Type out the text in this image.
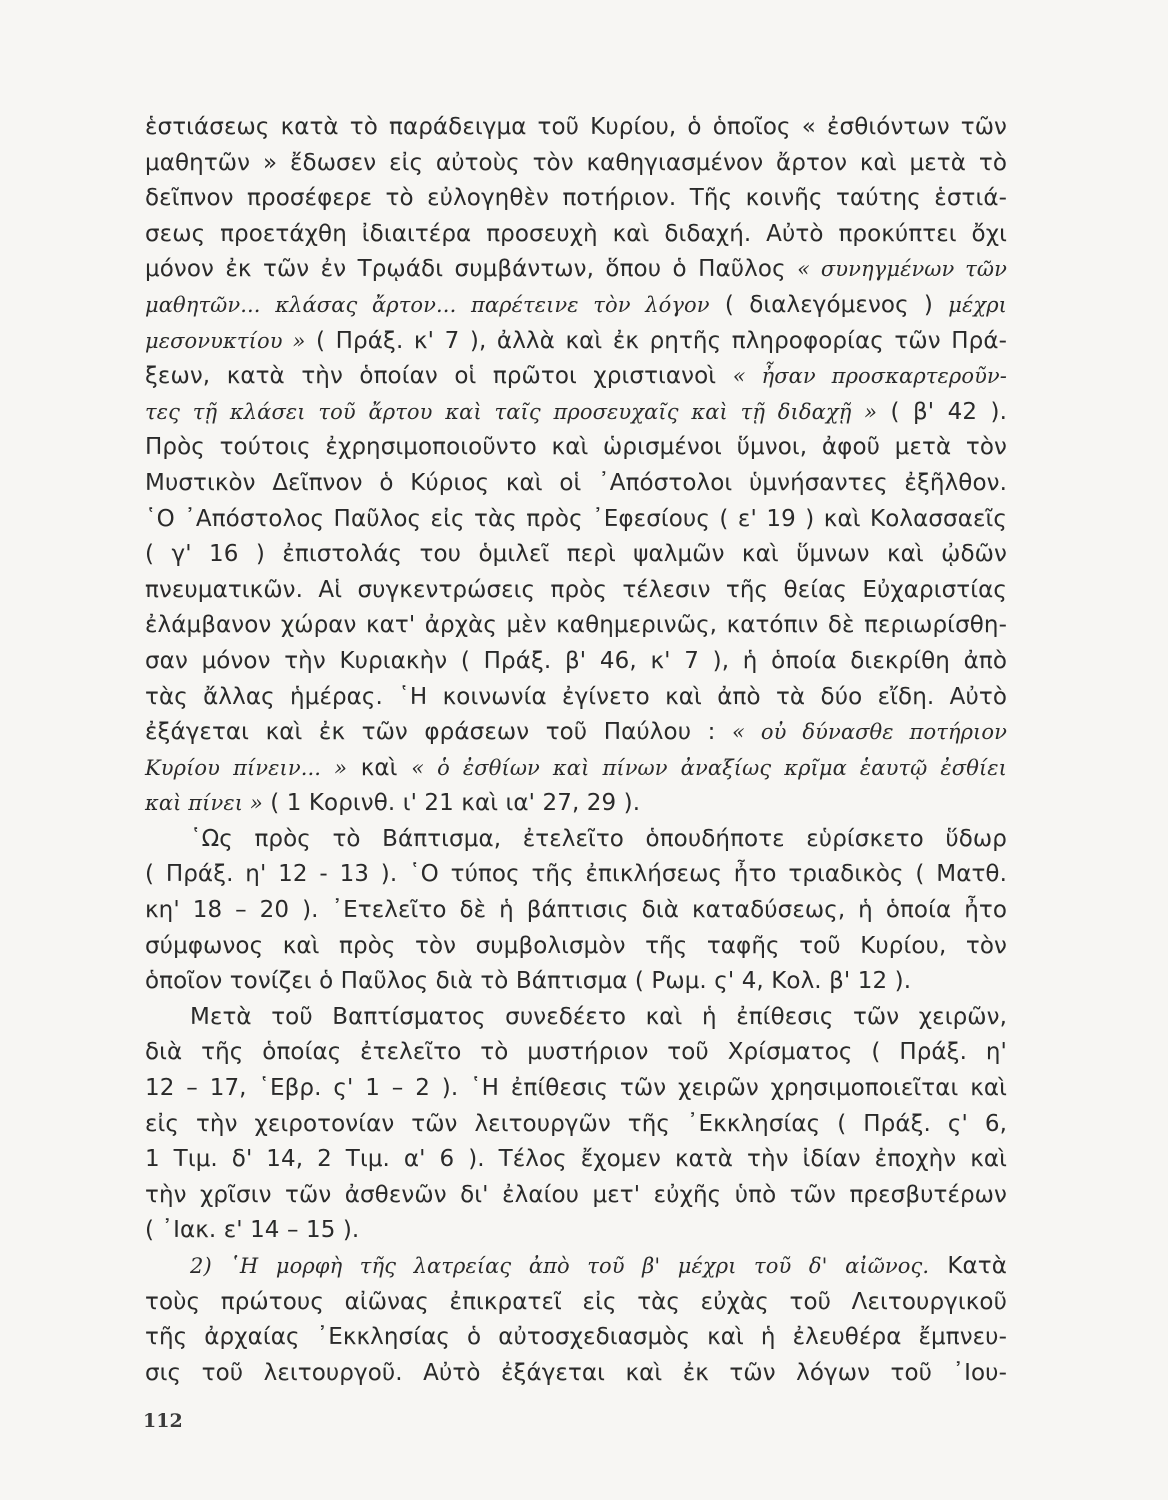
ἑστιάσεως κατὰ τὸ παράδειγμα τοῦ Κυρίου, ὁ ὁποῖος « ἐσθιόντων τῶν
μαθητῶν » ἔδωσεν εἰς αὐτοὺς τὸν καθηγιασμένον ἄρτον καὶ μετὰ τὸ
δεῖπνον προσέφερε τὸ εὐλογηθὲν ποτήριον. Τῆς κοινῆς ταύτης ἑστιά-
σεως προετάχθη ἰδιαιτέρα προσευχὴ καὶ διδαχή. Αὐτὸ προκύπτει ὄχι
μόνον ἐκ τῶν ἐν Τρῳάδι συμβάντων, ὅπου ὁ Παῦλος « συνηγμένων τῶν
μαθητῶν... κλάσας ἄρτον... παρέτεινε τὸν λόγον ( διαλεγόμενος ) μέχρι
μεσονυκτίου » ( Πράξ. κ' 7 ), ἀλλὰ καὶ ἐκ ρητῆς πληροφορίας τῶν Πρά-
ξεων, κατὰ τὴν ὁποίαν οἱ πρῶτοι χριστιανοὶ « ἦσαν προσκαρτεροῦν-
τες τῇ κλάσει τοῦ ἄρτου καὶ ταῖς προσευχαῖς καὶ τῇ διδαχῇ » ( β' 42 ).
Πρὸς τούτοις ἐχρησιμοποιοῦντο καὶ ὡρισμένοι ὕμνοι, ἀφοῦ μετὰ τὸν
Μυστικὸν Δεῖπνον ὁ Κύριος καὶ οἱ ᾿Απόστολοι ὑμνήσαντες ἐξῆλθον.
῾Ο ᾿Απόστολος Παῦλος εἰς τὰς πρὸς ᾿Εφεσίους ( ε' 19 ) καὶ Κολασσαεῖς
( γ' 16 ) ἐπιστολάς του ὁμιλεῖ περὶ ψαλμῶν καὶ ὕμνων καὶ ᾠδῶν
πνευματικῶν. Αἱ συγκεντρώσεις πρὸς τέλεσιν τῆς θείας Εὐχαριστίας
ἐλάμβανον χώραν κατ' ἀρχὰς μὲν καθημερινῶς, κατόπιν δὲ περιωρίσθη-
σαν μόνον τὴν Κυριακὴν ( Πράξ. β' 46, κ' 7 ), ἡ ὁποία διεκρίθη ἀπὸ
τὰς ἄλλας ἡμέρας. ῾Η κοινωνία ἐγίνετο καὶ ἀπὸ τὰ δύο εἴδη. Αὐτὸ
ἐξάγεται καὶ ἐκ τῶν φράσεων τοῦ Παύλου : « οὐ δύνασθε ποτήριον
Κυρίου πίνειν... » καὶ « ὁ ἐσθίων καὶ πίνων ἀναξίως κρῖμα ἑαυτῷ ἐσθίει
καὶ πίνει » ( 1 Κορινθ. ι' 21 καὶ ια' 27, 29 ).
῾Ως πρὸς τὸ Βάπτισμα, ἐτελεῖτο ὁπουδήποτε εὑρίσκετο ὕδωρ
( Πράξ. η' 12 - 13 ). ῾Ο τύπος τῆς ἐπικλήσεως ἦτο τριαδικὸς ( Ματθ.
κη' 18 – 20 ). ᾿Ετελεῖτο δὲ ἡ βάπτισις διὰ καταδύσεως, ἡ ὁποία ἦτο
σύμφωνος καὶ πρὸς τὸν συμβολισμὸν τῆς ταφῆς τοῦ Κυρίου, τὸν
ὁποῖον τονίζει ὁ Παῦλος διὰ τὸ Βάπτισμα ( Ρωμ. ς' 4, Κολ. β' 12 ).
Μετὰ τοῦ Βαπτίσματος συνεδέετο καὶ ἡ ἐπίθεσις τῶν χειρῶν,
διὰ τῆς ὁποίας ἐτελεῖτο τὸ μυστήριον τοῦ Χρίσματος ( Πράξ. η'
12 – 17, ῾Εβρ. ς' 1 – 2 ). ῾Η ἐπίθεσις τῶν χειρῶν χρησιμοποιεῖται καὶ
εἰς τὴν χειροτονίαν τῶν λειτουργῶν τῆς ᾿Εκκλησίας ( Πράξ. ς' 6,
1 Τιμ. δ' 14, 2 Τιμ. α' 6 ). Τέλος ἔχομεν κατὰ τὴν ἰδίαν ἐποχὴν καὶ
τὴν χρῖσιν τῶν ἀσθενῶν δι' ἐλαίου μετ' εὐχῆς ὑπὸ τῶν πρεσβυτέρων
( ᾿Ιακ. ε' 14 – 15 ).
2) ῾Η μορφὴ τῆς λατρείας ἀπὸ τοῦ β' μέχρι τοῦ δ' αἰῶνος. Κατὰ
τοὺς πρώτους αἰῶνας ἐπικρατεῖ εἰς τὰς εὐχὰς τοῦ Λειτουργικοῦ
τῆς ἀρχαίας ᾿Εκκλησίας ὁ αὐτοσχεδιασμὸς καὶ ἡ ἐλευθέρα ἔμπνευ-
σις τοῦ λειτουργοῦ. Αὐτὸ ἐξάγεται καὶ ἐκ τῶν λόγων τοῦ ᾿Ιου-
112
